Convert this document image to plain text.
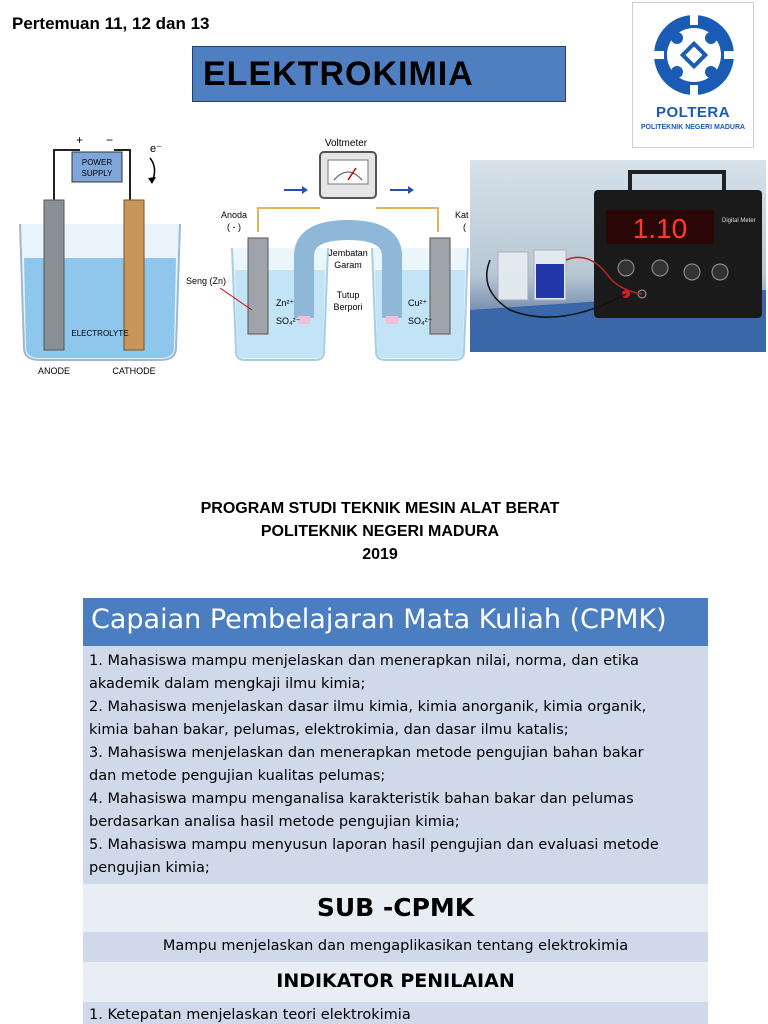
Pertemuan 11, 12 dan 13
ELEKTROKIMIA
POLTERA
POLITEKNIK NEGERI MADURA
+ −
e⁻
POWER
SUPPLY
ELECTROLYTE
ANODE	CATHODE
Voltmeter
Anoda
( - )
Kat
(
Jembatan
Garam
Seng (Zn)
Zn²⁺
SO₄²⁻
Tutup
Berpori	Cu²⁺
SO₄²⁻
1.10	Digital Meter
PROGRAM STUDI TEKNIK MESIN ALAT BERAT
POLITEKNIK NEGERI MADURA
2019
Capaian Pembelajaran Mata Kuliah (CPMK)
1. Mahasiswa mampu menjelaskan dan menerapkan nilai, norma, dan etika
akademik dalam mengkaji ilmu kimia;
2. Mahasiswa menjelaskan dasar ilmu kimia, kimia anorganik, kimia organik,
kimia bahan bakar, pelumas, elektrokimia, dan dasar ilmu katalis;
3. Mahasiswa menjelaskan dan menerapkan metode pengujian bahan bakar
dan metode pengujian kualitas pelumas;
4. Mahasiswa mampu menganalisa karakteristik bahan bakar dan pelumas
berdasarkan analisa hasil metode pengujian kimia;
5. Mahasiswa mampu menyusun laporan hasil pengujian dan evaluasi metode
pengujian kimia;
SUB -CPMK
Mampu menjelaskan dan mengaplikasikan tentang elektrokimia
INDIKATOR PENILAIAN
1. Ketepatan menjelaskan teori elektrokimia
